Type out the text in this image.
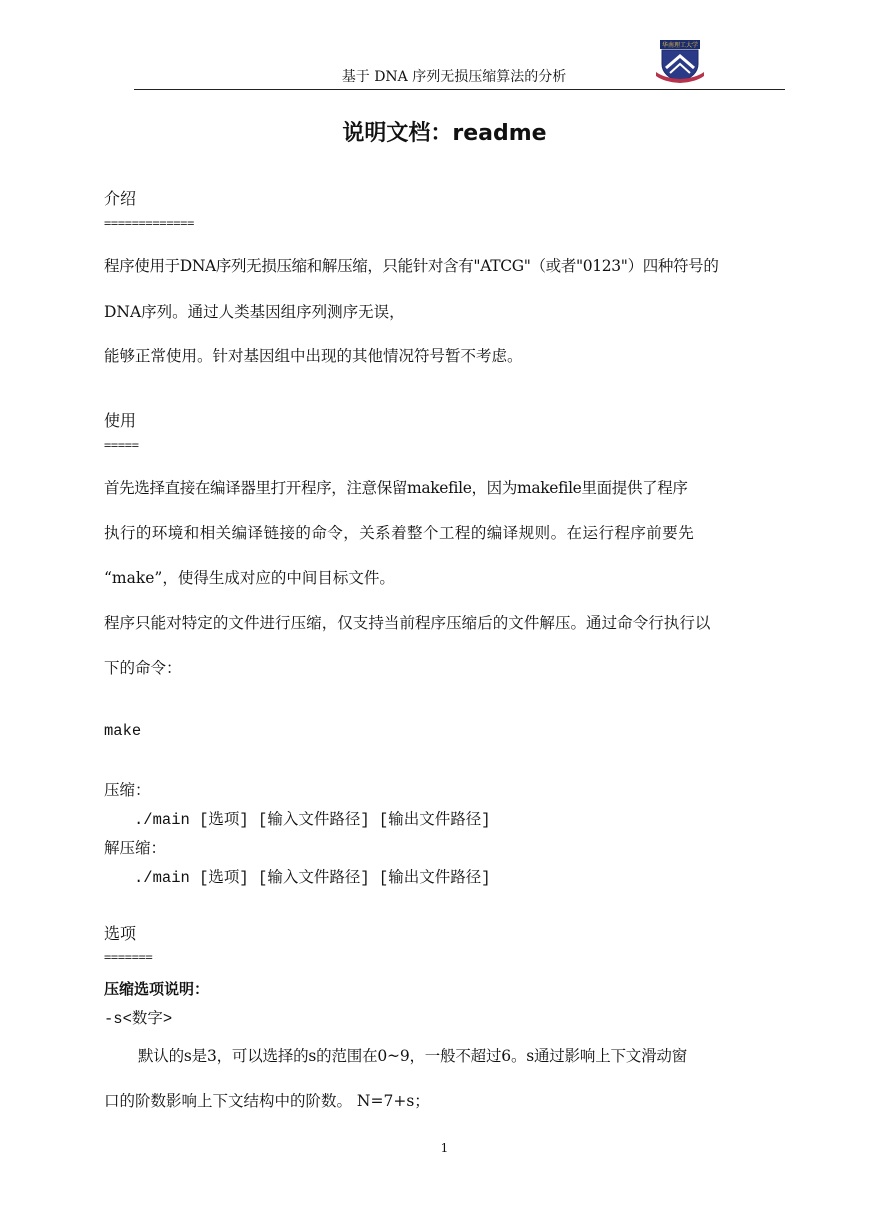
基于 DNA 序列无损压缩算法的分析
华南理工大学
说明文档：readme
介绍
=============
程序使用于DNA序列无损压缩和解压缩，只能针对含有"ATCG"（或者"0123"）四种符号的
DNA序列。通过人类基因组序列测序无误，
能够正常使用。针对基因组中出现的其他情况符号暂不考虑。
使用
=====
首先选择直接在编译器里打开程序，注意保留makefile，因为makefile里面提供了程序
执行的环境和相关编译链接的命令，关系着整个工程的编译规则。在运行程序前要先
“make”，使得生成对应的中间目标文件。
程序只能对特定的文件进行压缩，仅支持当前程序压缩后的文件解压。通过命令行执行以
下的命令：
make
压缩：
./main [选项] [输入文件路径] [输出文件路径]
解压缩：
./main [选项] [输入文件路径] [输出文件路径]
选项
=======
压缩选项说明：
-s<数字>
默认的s是3，可以选择的s的范围在0~9，一般不超过6。s通过影响上下文滑动窗
口的阶数影响上下文结构中的阶数。 N=7+s；
1
